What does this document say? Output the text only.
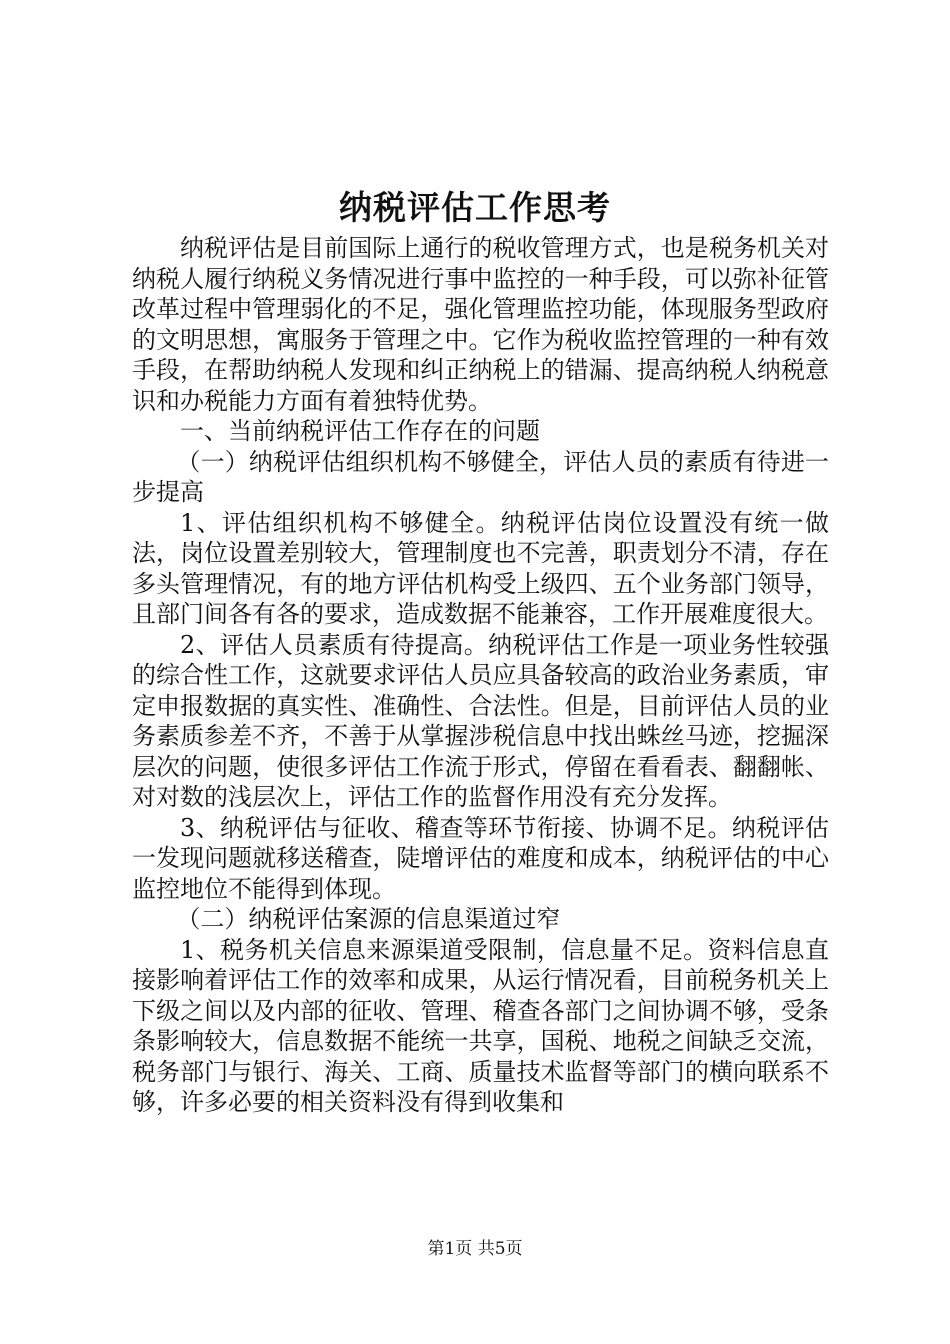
纳税评估工作思考

纳税评估是目前国际上通行的税收管理方式，也是税务机关对纳税人履行纳税义务情况进行事中监控的一种手段，可以弥补征管改革过程中管理弱化的不足，强化管理监控功能，体现服务型政府的文明思想，寓服务于管理之中。它作为税收监控管理的一种有效手段，在帮助纳税人发现和纠正纳税上的错漏、提高纳税人纳税意识和办税能力方面有着独特优势。

一、当前纳税评估工作存在的问题

（一）纳税评估组织机构不够健全，评估人员的素质有待进一步提高

1、评估组织机构不够健全。纳税评估岗位设置没有统一做法，岗位设置差别较大，管理制度也不完善，职责划分不清，存在多头管理情况，有的地方评估机构受上级四、五个业务部门领导，且部门间各有各的要求，造成数据不能兼容，工作开展难度很大。

2、评估人员素质有待提高。纳税评估工作是一项业务性较强的综合性工作，这就要求评估人员应具备较高的政治业务素质，审定申报数据的真实性、准确性、合法性。但是，目前评估人员的业务素质参差不齐，不善于从掌握涉税信息中找出蛛丝马迹，挖掘深层次的问题，使很多评估工作流于形式，停留在看看表、翻翻帐、对对数的浅层次上，评估工作的监督作用没有充分发挥。

3、纳税评估与征收、稽查等环节衔接、协调不足。纳税评估一发现问题就移送稽查，陡增评估的难度和成本，纳税评估的中心监控地位不能得到体现。

（二）纳税评估案源的信息渠道过窄

1、税务机关信息来源渠道受限制，信息量不足。资料信息直接影响着评估工作的效率和成果，从运行情况看，目前税务机关上下级之间以及内部的征收、管理、稽查各部门之间协调不够，受条条影响较大，信息数据不能统一共享，国税、地税之间缺乏交流，税务部门与银行、海关、工商、质量技术监督等部门的横向联系不够，许多必要的相关资料没有得到收集和

第1页 共5页
